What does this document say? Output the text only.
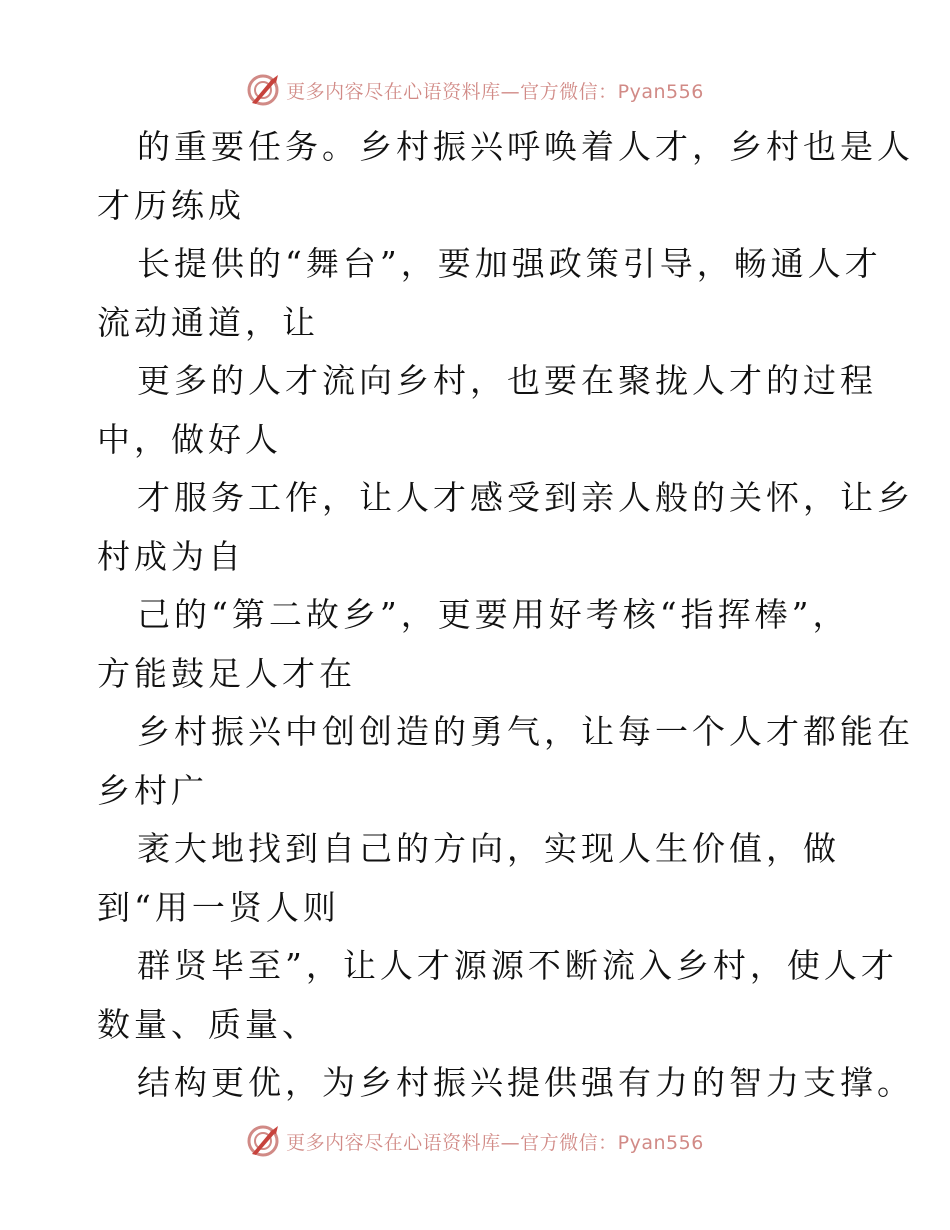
更多内容尽在心语资料库—官方微信：Pyan556

的重要任务。乡村振兴呼唤着人才，乡村也是人
才历练成

长提供的“舞台”，要加强政策引导，畅通人才
流动通道，让

更多的人才流向乡村，也要在聚拢人才的过程
中，做好人

才服务工作，让人才感受到亲人般的关怀，让乡
村成为自

己的“第二故乡”，更要用好考核“指挥棒”，
方能鼓足人才在

乡村振兴中创创造的勇气，让每一个人才都能在
乡村广

袤大地找到自己的方向，实现人生价值，做
到“用一贤人则

群贤毕至”，让人才源源不断流入乡村，使人才
数量、质量、

结构更优，为乡村振兴提供强有力的智力支撑。

更多内容尽在心语资料库—官方微信：Pyan556
